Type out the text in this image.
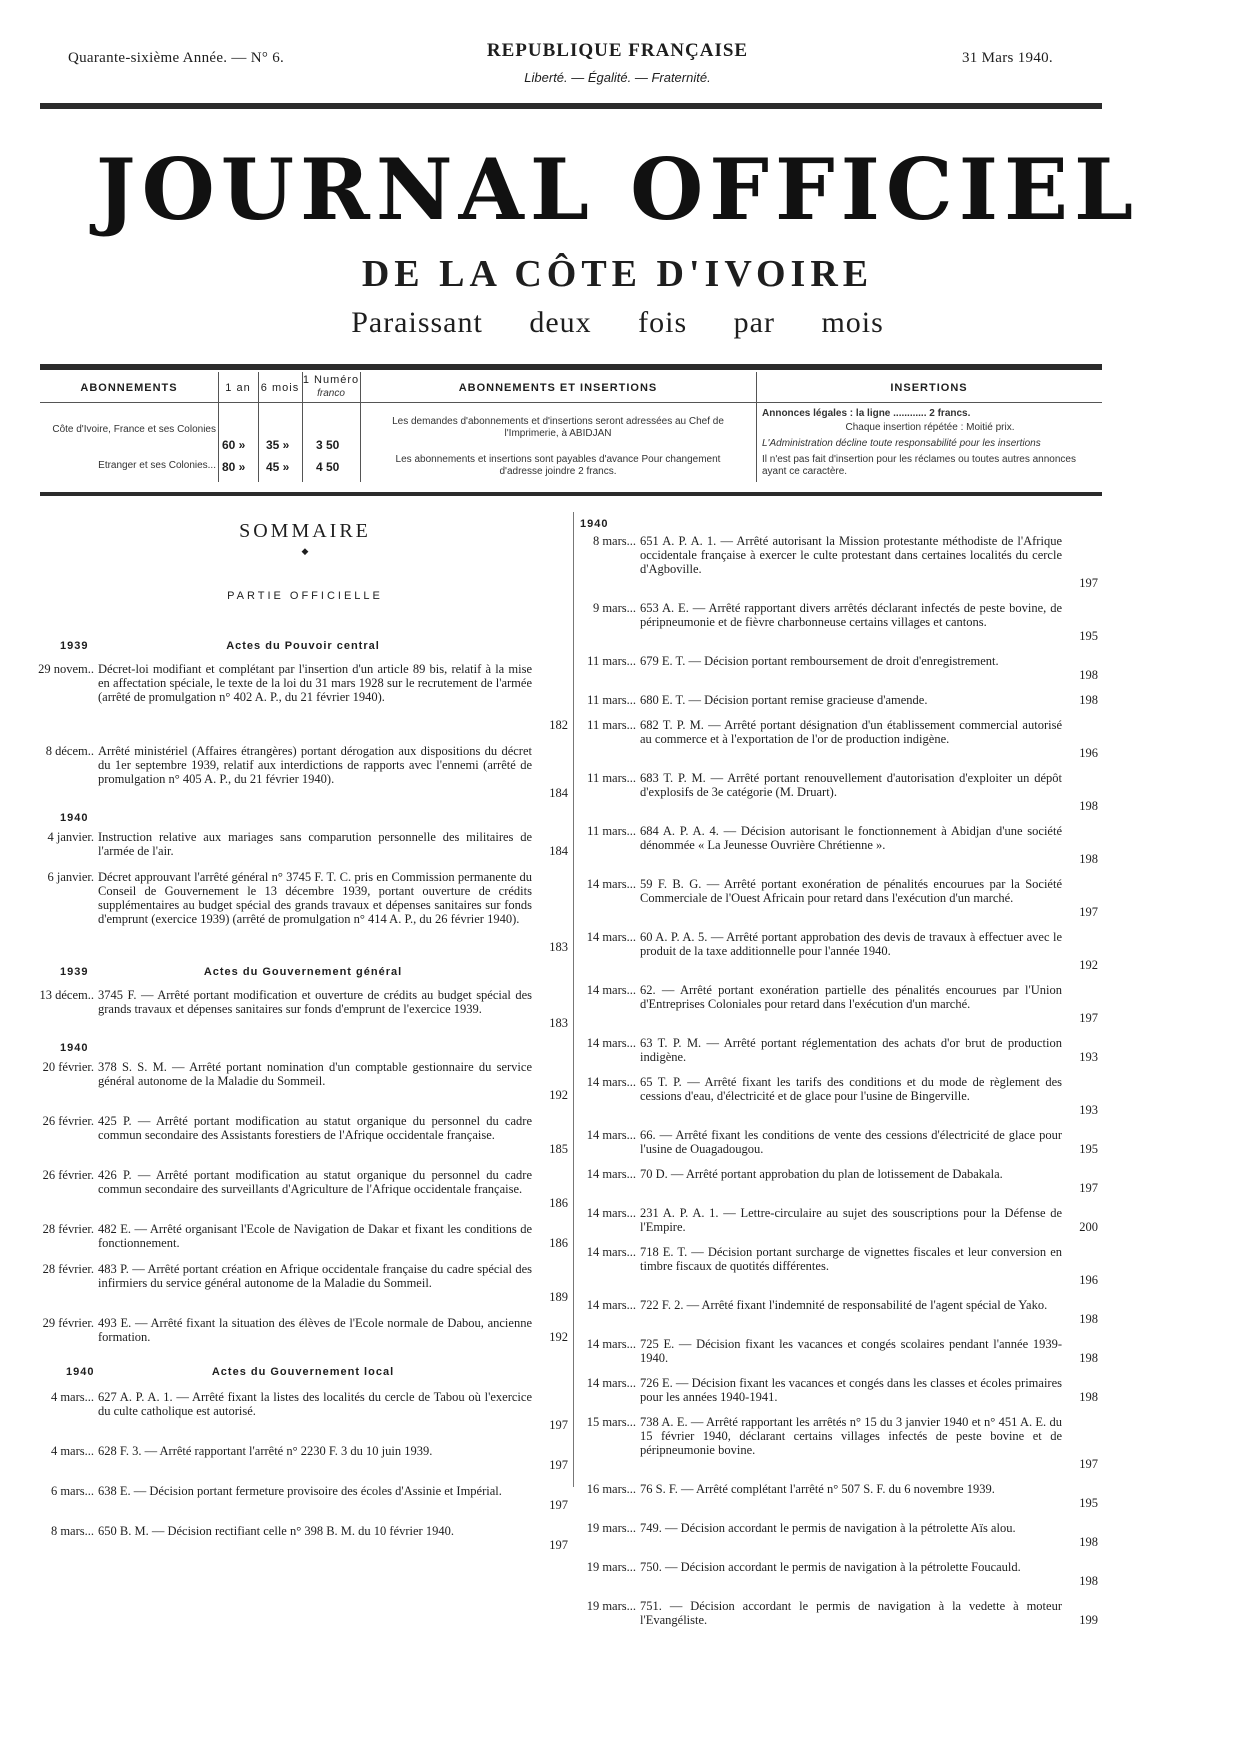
Quarante-sixième Année. — N° 6.	REPUBLIQUE FRANÇAISE
Liberté. — Égalité. — Fraternité.
31 Mars 1940.
JOURNAL OFFICIEL
DE LA CÔTE D'IVOIRE
Paraissant deux fois par mois
ABONNEMENTS	1 an 6 mois
1 Numéro
franco
Côte d'Ivoire, France et ses Colonies
60 »	35 »	3 50
Etranger et ses Colonies... 80 »	45 »	4 50
ABONNEMENTS ET INSERTIONS
Les demandes d'abonnements et d'insertions seront adressées au Chef de l'Imprimerie, à ABIDJAN
Les abonnements et insertions sont payables d'avance Pour changement d'adresse joindre 2 francs.
INSERTIONS
Annonces légales : la ligne ............ 2 francs.
Chaque insertion répétée : Moitié prix.
L'Administration décline toute responsabilité pour les insertions
Il n'est pas fait d'insertion pour les réclames ou toutes autres annonces ayant ce caractère.
SOMMAIRE
◆
PARTIE OFFICIELLE
1939	Actes du Pouvoir central
29 novem.. Décret-loi modifiant et complétant par l'insertion d'un article 89 bis, relatif à la mise en affectation spéciale, le texte de la loi du 31 mars 1928 sur le recrutement de l'armée (arrêté de promulgation n° 402 A. P., du 21 février 1940).
182
8 décem.. Arrêté ministériel (Affaires étrangères) portant dérogation aux dispositions du décret du 1er septembre 1939, relatif aux interdictions de rapports avec l'ennemi (arrêté de promulgation n° 405 A. P., du 21 février 1940).
184
1940
4 janvier. Instruction relative aux mariages sans comparution personnelle des militaires de l'armée de l'air.	184
6 janvier. Décret approuvant l'arrêté général n° 3745 F. T. C. pris en Commission permanente du Conseil de Gouvernement le 13 décembre 1939, portant ouverture de crédits supplémentaires au budget spécial des grands travaux et dépenses sanitaires sur fonds d'emprunt (exercice 1939) (arrêté de promulgation n° 414 A. P., du 26 février 1940).
183
1939	Actes du Gouvernement général
13 décem.. 3745 F. — Arrêté portant modification et ouverture de crédits au budget spécial des grands travaux et dépenses sanitaires sur fonds d'emprunt de l'exercice 1939.
183
1940
20 février. 378 S. S. M. — Arrêté portant nomination d'un comptable gestionnaire du service général autonome de la Maladie du Sommeil.
192
26 février. 425 P. — Arrêté portant modification au statut organique du personnel du cadre commun secondaire des Assistants forestiers de l'Afrique occidentale française.
185
26 février. 426 P. — Arrêté portant modification au statut organique du personnel du cadre commun secondaire des surveillants d'Agriculture de l'Afrique occidentale française.
186
28 février. 482 E. — Arrêté organisant l'Ecole de Navigation de Dakar et fixant les conditions de fonctionnement.	186
28 février. 483 P. — Arrêté portant création en Afrique occidentale française du cadre spécial des infirmiers du service général autonome de la Maladie du Sommeil.
189
29 février. 493 E. — Arrêté fixant la situation des élèves de l'Ecole normale de Dabou, ancienne formation.	192
1940	Actes du Gouvernement local
4 mars... 627 A. P. A. 1. — Arrêté fixant la listes des localités du cercle de Tabou où l'exercice du culte catholique est autorisé.
197
4 mars... 628 F. 3. — Arrêté rapportant l'arrêté n° 2230 F. 3 du 10 juin 1939.
197
6 mars... 638 E. — Décision portant fermeture provisoire des écoles d'Assinie et Impérial.
197
8 mars... 650 B. M. — Décision rectifiant celle n° 398 B. M. du 10 février 1940.
197
1940
8 mars... 651 A. P. A. 1. — Arrêté autorisant la Mission protestante méthodiste de l'Afrique occidentale française à exercer le culte protestant dans certaines localités du cercle d'Agboville.
197
9 mars... 653 A. E. — Arrêté rapportant divers arrêtés déclarant infectés de peste bovine, de péripneumonie et de fièvre charbonneuse certains villages et cantons.
195
11 mars... 679 E. T. — Décision portant remboursement de droit d'enregistrement.
198
11 mars... 680 E. T. — Décision portant remise gracieuse d'amende.	198
11 mars... 682 T. P. M. — Arrêté portant désignation d'un établissement commercial autorisé au commerce et à l'exportation de l'or de production indigène.
196
11 mars... 683 T. P. M. — Arrêté portant renouvellement d'autorisation d'exploiter un dépôt d'explosifs de 3e catégorie (M. Druart).
198
11 mars... 684 A. P. A. 4. — Décision autorisant le fonctionnement à Abidjan d'une société dénommée « La Jeunesse Ouvrière Chrétienne ».
198
14 mars... 59 F. B. G. — Arrêté portant exonération de pénalités encourues par la Société Commerciale de l'Ouest Africain pour retard dans l'exécution d'un marché.
197
14 mars... 60 A. P. A. 5. — Arrêté portant approbation des devis de travaux à effectuer avec le produit de la taxe additionnelle pour l'année 1940.
192
14 mars... 62. — Arrêté portant exonération partielle des pénalités encourues par l'Union d'Entreprises Coloniales pour retard dans l'exécution d'un marché.
197
14 mars... 63 T. P. M. — Arrêté portant réglementation des achats d'or brut de production indigène.	193
14 mars... 65 T. P. — Arrêté fixant les tarifs des conditions et du mode de règlement des cessions d'eau, d'électricité et de glace pour l'usine de Bingerville.
193
14 mars... 66. — Arrêté fixant les conditions de vente des cessions d'électricité de glace pour l'usine de Ouagadougou.	195
14 mars... 70 D. — Arrêté portant approbation du plan de lotissement de Dabakala.
197
14 mars... 231 A. P. A. 1. — Lettre-circulaire au sujet des souscriptions pour la Défense de l'Empire.	200
14 mars... 718 E. T. — Décision portant surcharge de vignettes fiscales et leur conversion en timbre fiscaux de quotités différentes.
196
14 mars... 722 F. 2. — Arrêté fixant l'indemnité de responsabilité de l'agent spécial de Yako.
198
14 mars... 725 E. — Décision fixant les vacances et congés scolaires pendant l'année 1939-1940.	198
14 mars... 726 E. — Décision fixant les vacances et congés dans les classes et écoles primaires pour les années 1940-1941.	198
15 mars... 738 A. E. — Arrêté rapportant les arrêtés n° 15 du 3 janvier 1940 et n° 451 A. E. du 15 février 1940, déclarant certains villages infectés de peste bovine et de péripneumonie bovine.
197
16 mars... 76 S. F. — Arrêté complétant l'arrêté n° 507 S. F. du 6 novembre 1939.
195
19 mars... 749. — Décision accordant le permis de navigation à la pétrolette Aïs alou.
198
19 mars... 750. — Décision accordant le permis de navigation à la pétrolette Foucauld.
198
19 mars... 751. — Décision accordant le permis de navigation à la vedette à moteur l'Evangéliste.	199
